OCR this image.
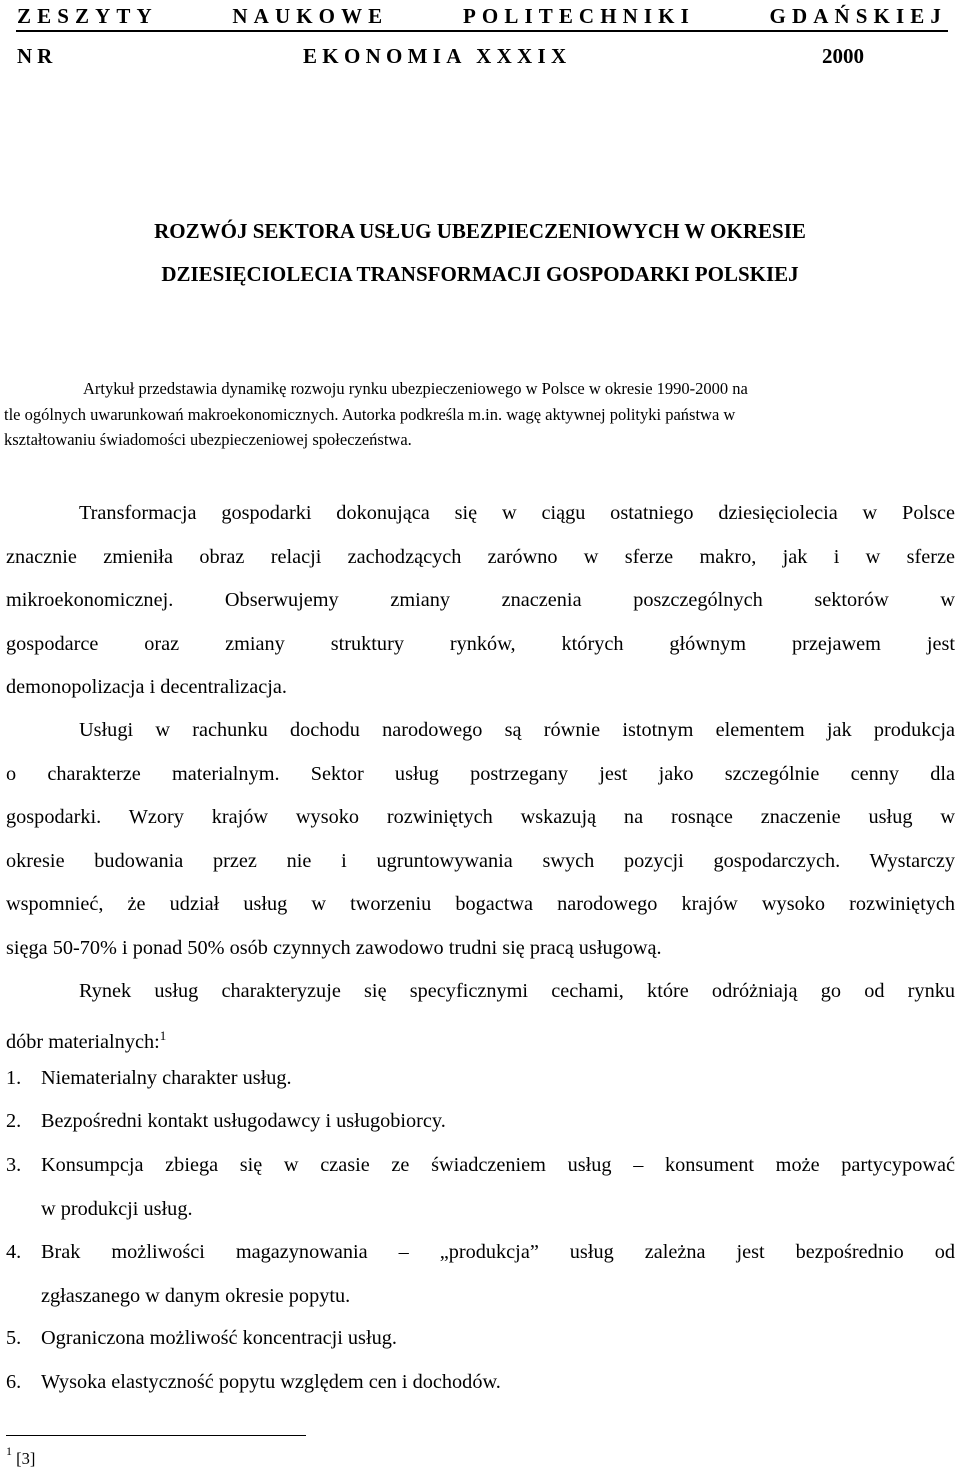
ZESZYTY	NAUKOWE	POLITECHNIKI	GDAŃSKIEJ
NR	EKONOMIA XXXIX	2000
ROZWÓJ SEKTORA USŁUG UBEZPIECZENIOWYCH W OKRESIE
DZIESIĘCIOLECIA TRANSFORMACJI GOSPODARKI POLSKIEJ
Artykuł przedstawia dynamikę rozwoju rynku ubezpieczeniowego w Polsce w okresie 1990-2000 na
tle ogólnych uwarunkowań makroekonomicznych. Autorka podkreśla m.in. wagę aktywnej polityki państwa w
kształtowaniu świadomości ubezpieczeniowej społeczeństwa.
Transformacja gospodarki dokonująca się w ciągu ostatniego dziesięciolecia w Polsce
znacznie zmieniła obraz relacji zachodzących zarówno w sferze makro, jak i w sferze
mikroekonomicznej. Obserwujemy zmiany znaczenia poszczególnych sektorów w
gospodarce oraz zmiany struktury rynków, których głównym przejawem jest
demonopolizacja i decentralizacja.
Usługi w rachunku dochodu narodowego są równie istotnym elementem jak produkcja
o charakterze materialnym. Sektor usług postrzegany jest jako szczególnie cenny dla
gospodarki. Wzory krajów wysoko rozwiniętych wskazują na rosnące znaczenie usług w
okresie budowania przez nie i ugruntowywania swych pozycji gospodarczych. Wystarczy
wspomnieć, że udział usług w tworzeniu bogactwa narodowego krajów wysoko rozwiniętych
sięga 50-70% i ponad 50% osób czynnych zawodowo trudni się pracą usługową.
Rynek usług charakteryzuje się specyficznymi cechami, które odróżniają go od rynku
dóbr materialnych:$^1$
1. Niematerialny charakter usług.
2. Bezpośredni kontakt usługodawcy i usługobiorcy.
3. Konsumpcja zbiega się w czasie ze świadczeniem usług – konsument może partycypować
w produkcji usług.
4. Brak możliwości magazynowania – „produkcja” usług zależna jest bezpośrednio od
zgłaszanego w danym okresie popytu.
5. Ograniczona możliwość koncentracji usług.
6. Wysoka elastyczność popytu względem cen i dochodów.
$^1$ [3]
